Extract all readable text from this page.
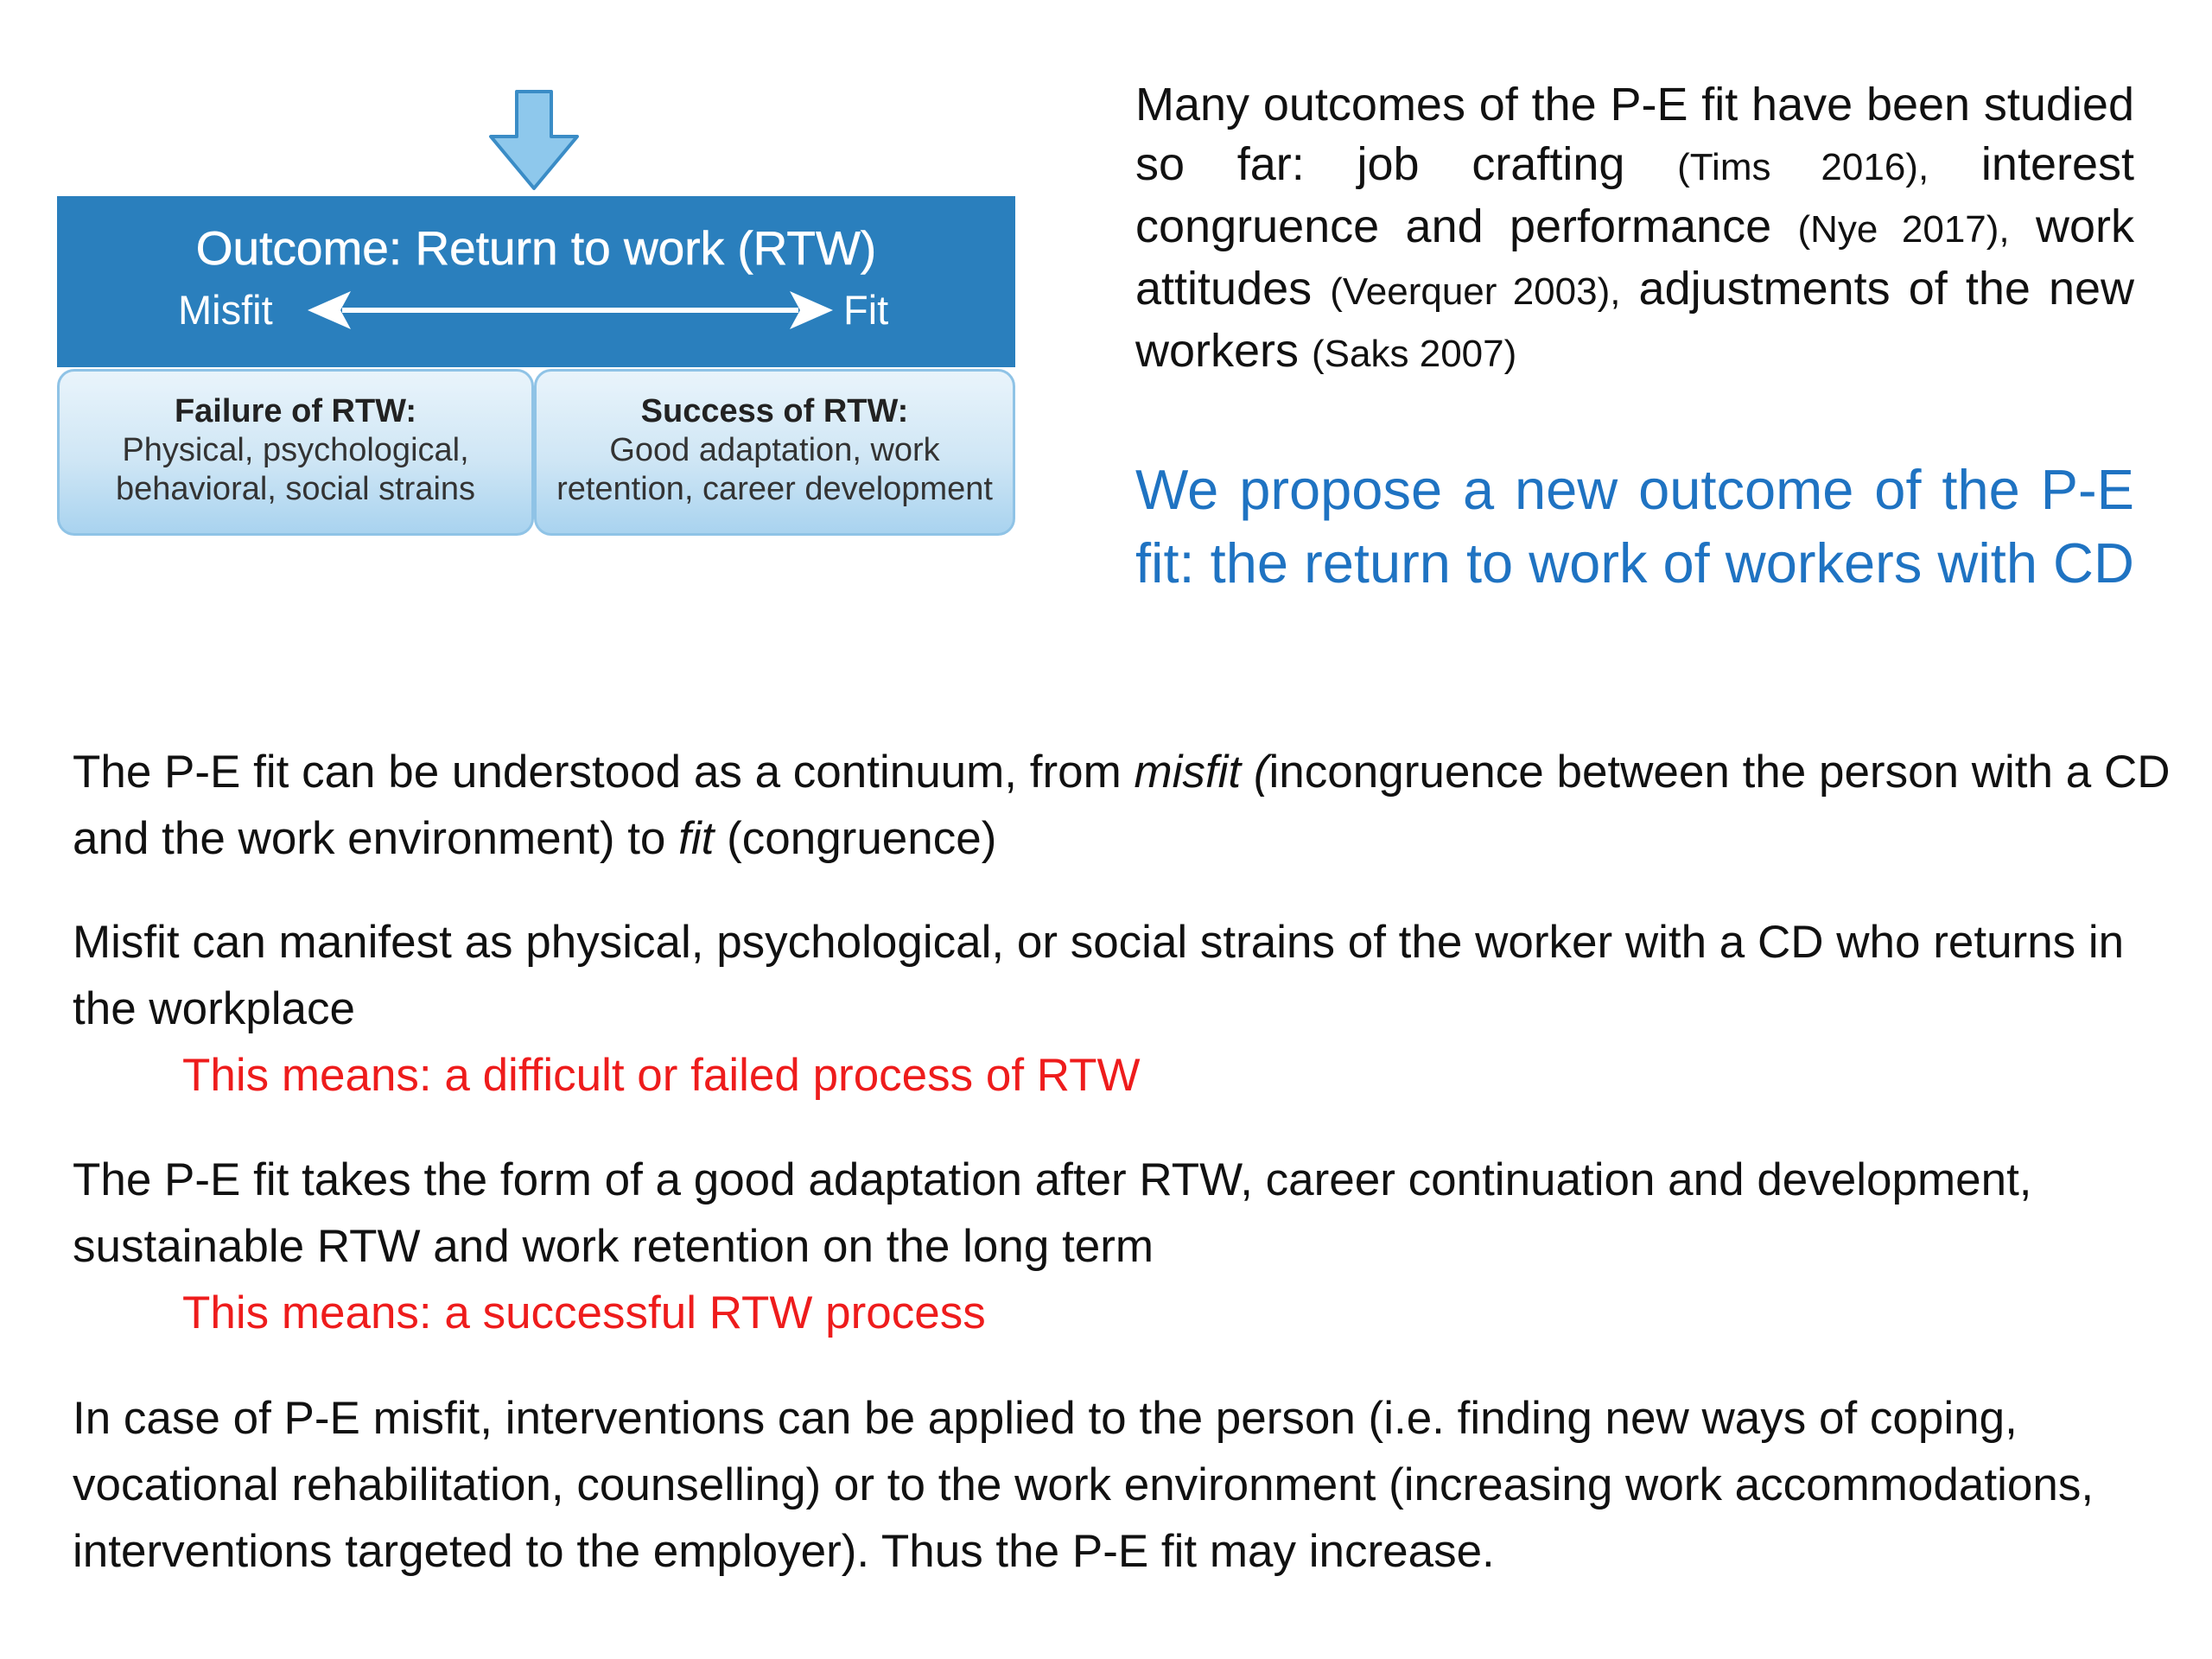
Outcome: Return to work (RTW)
Misfit	Fit
Failure of RTW:
Physical, psychological,
behavioral, social strains
Success of RTW:
Good adaptation, work
retention, career development

Many outcomes of the P-E fit have been studied so far: job crafting (Tims 2016), interest congruence and performance (Nye 2017), work attitudes (Veerquer 2003), adjustments of the new workers (Saks 2007)

We propose a new outcome of the P-E fit: the return to work of workers with CD

The P-E fit can be understood as a continuum, from misfit (incongruence between the person with a CD and the work environment) to fit (congruence)

Misfit can manifest as physical, psychological, or social strains of the worker with a CD who returns in the workplace
This means: a difficult or failed process of RTW

The P-E fit takes the form of a good adaptation after RTW, career continuation and development, sustainable RTW and work retention on the long term
This means: a successful RTW process

In case of P-E misfit, interventions can be applied to the person (i.e. finding new ways of coping, vocational rehabilitation, counselling) or to the work environment (increasing work accommodations, interventions targeted to the employer). Thus the P-E fit may increase.
